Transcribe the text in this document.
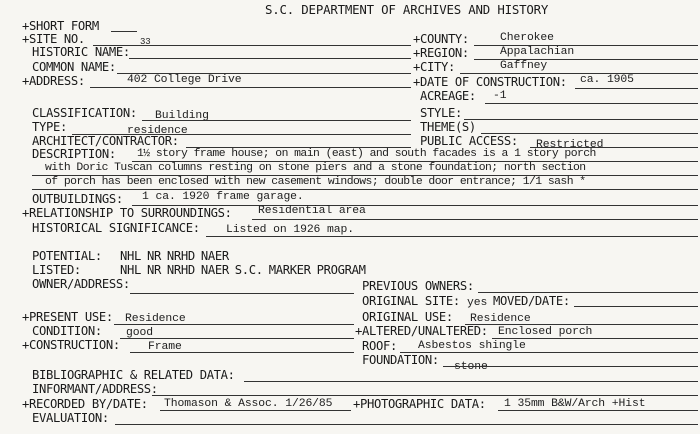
S.C. DEPARTMENT OF ARCHIVES AND HISTORY
+SHORT FORM
+SITE NO.	33
HISTORIC NAME:
COMMON NAME:
+ADDRESS:	402 College Drive
+COUNTY:	Cherokee
+REGION:	Appalachian
+CITY:	Gaffney
+DATE OF CONSTRUCTION: ca. 1905
ACREAGE: -1
CLASSIFICATION: Building
TYPE:	residence
ARCHITECT/CONTRACTOR:
STYLE:
THEME(S)
PUBLIC ACCESS: Restricted
DESCRIPTION: 1½ story frame house; on main (east) and south facades is a 1 story porch
with Doric Tuscan columns resting on stone piers and a stone foundation; north section
of porch has been enclosed with new casement windows; double door entrance; 1/1 sash *
OUTBUILDINGS: 1 ca. 1920 frame garage.
+RELATIONSHIP TO SURROUNDINGS: Residential area
HISTORICAL SIGNIFICANCE: Listed on 1926 map.
POTENTIAL: NHL NR NRHD NAER
LISTED:	NHL NR NRHD NAER S.C. MARKER PROGRAM
OWNER/ADDRESS:	PREVIOUS OWNERS:
ORIGINAL SITE: yes MOVED/DATE:
+PRESENT USE: Residence	ORIGINAL USE: Residence
CONDITION: good	+ALTERED/UNALTERED: Enclosed porch
+CONSTRUCTION: Frame	ROOF: Asbestos shingle
FOUNDATION: stone
BIBLIOGRAPHIC & RELATED DATA:
INFORMANT/ADDRESS:
+RECORDED BY/DATE: Thomason & Assoc. 1/26/85 +PHOTOGRAPHIC DATA: 1 35mm B&W/Arch +Hist
EVALUATION:
